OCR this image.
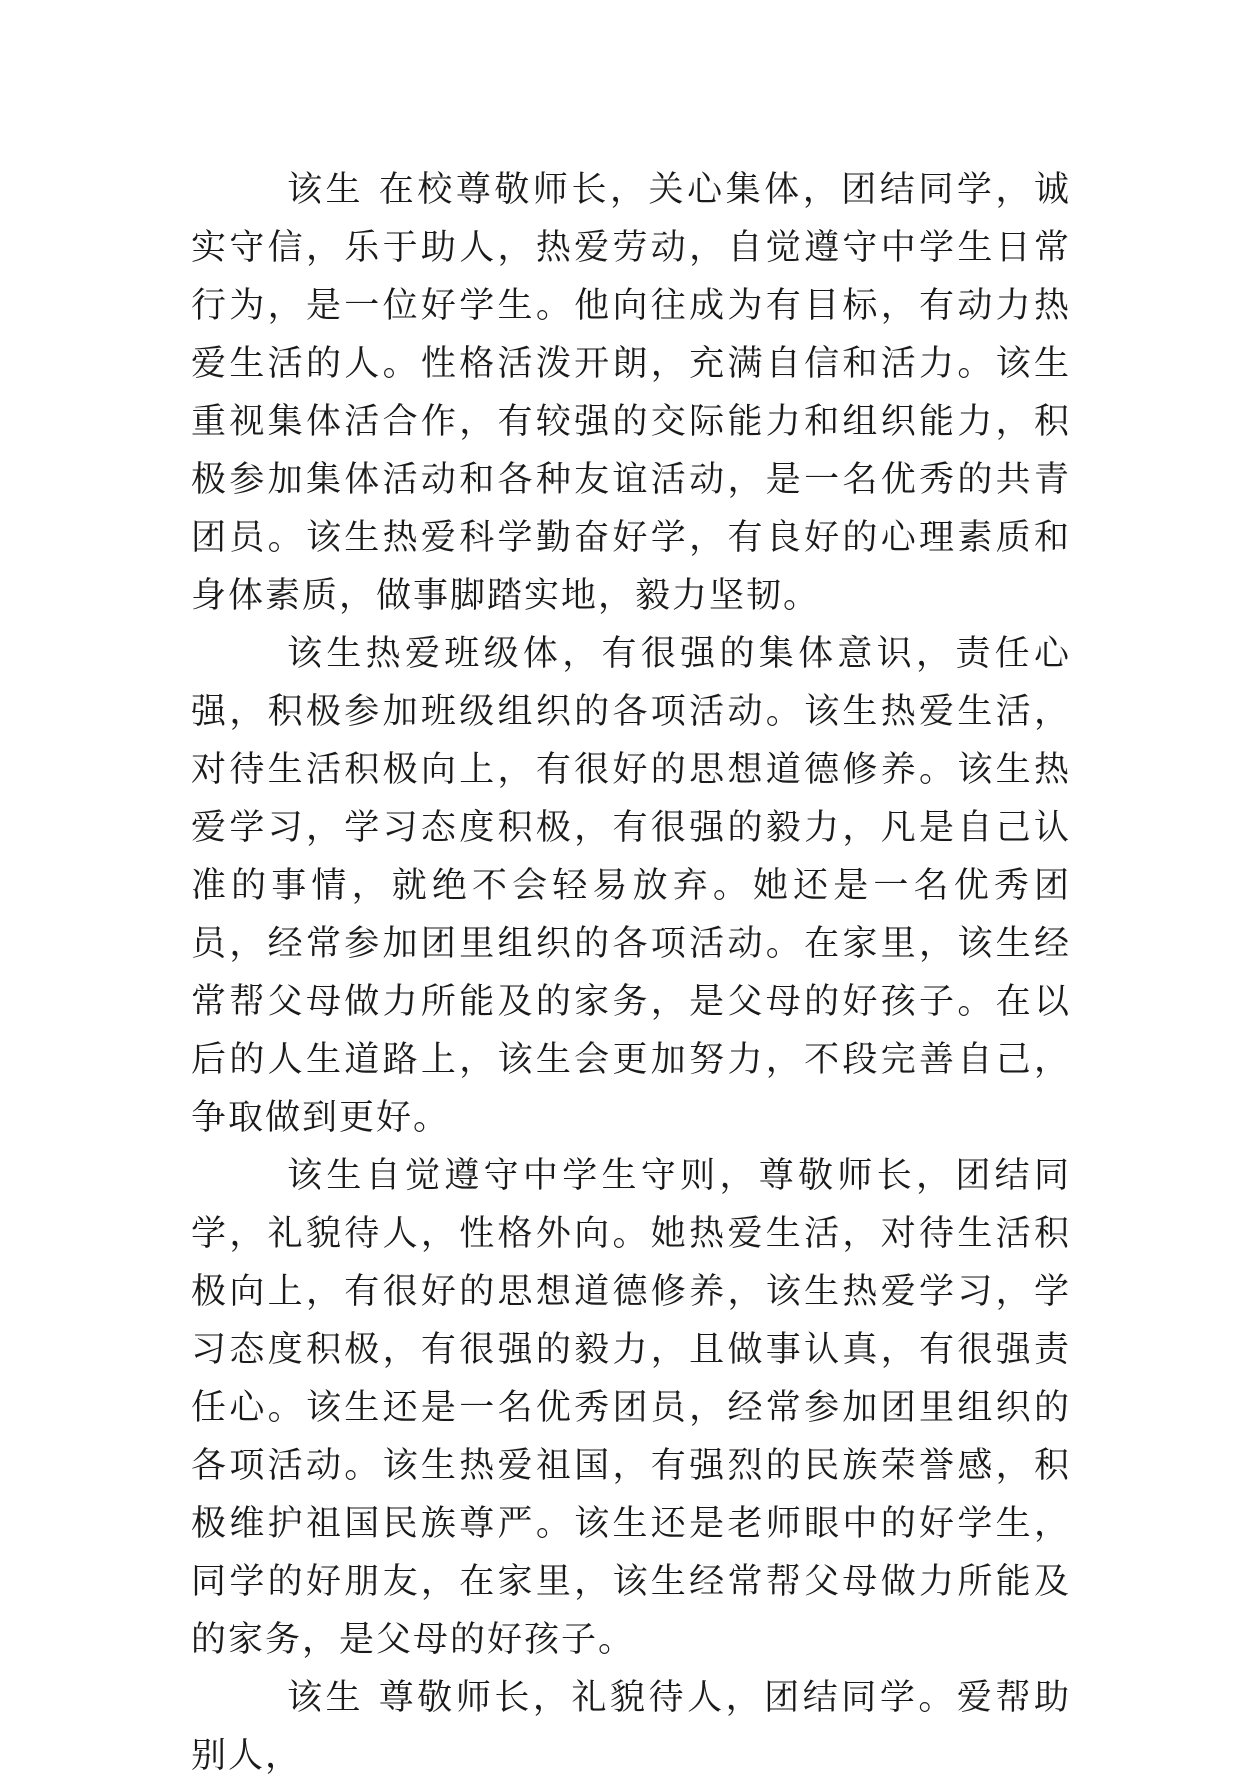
该生 在校尊敬师长，关心集体，团结同学，诚实守信，乐于助人，热爱劳动，自觉遵守中学生日常行为，是一位好学生。他向往成为有目标，有动力热爱生活的人。性格活泼开朗，充满自信和活力。该生重视集体活合作，有较强的交际能力和组织能力，积极参加集体活动和各种友谊活动，是一名优秀的共青团员。该生热爱科学勤奋好学，有良好的心理素质和身体素质，做事脚踏实地，毅力坚韧。

该生热爱班级体，有很强的集体意识，责任心强，积极参加班级组织的各项活动。该生热爱生活，对待生活积极向上，有很好的思想道德修养。该生热爱学习，学习态度积极，有很强的毅力，凡是自己认准的事情，就绝不会轻易放弃。她还是一名优秀团员，经常参加团里组织的各项活动。在家里，该生经常帮父母做力所能及的家务，是父母的好孩子。在以后的人生道路上，该生会更加努力，不段完善自己，争取做到更好。

该生自觉遵守中学生守则，尊敬师长，团结同学，礼貌待人，性格外向。她热爱生活，对待生活积极向上，有很好的思想道德修养，该生热爱学习，学习态度积极，有很强的毅力，且做事认真，有很强责任心。该生还是一名优秀团员，经常参加团里组织的各项活动。该生热爱祖国，有强烈的民族荣誉感，积极维护祖国民族尊严。该生还是老师眼中的好学生，同学的好朋友，在家里，该生经常帮父母做力所能及的家务，是父母的好孩子。

该生 尊敬师长，礼貌待人，团结同学。爱帮助别人，
